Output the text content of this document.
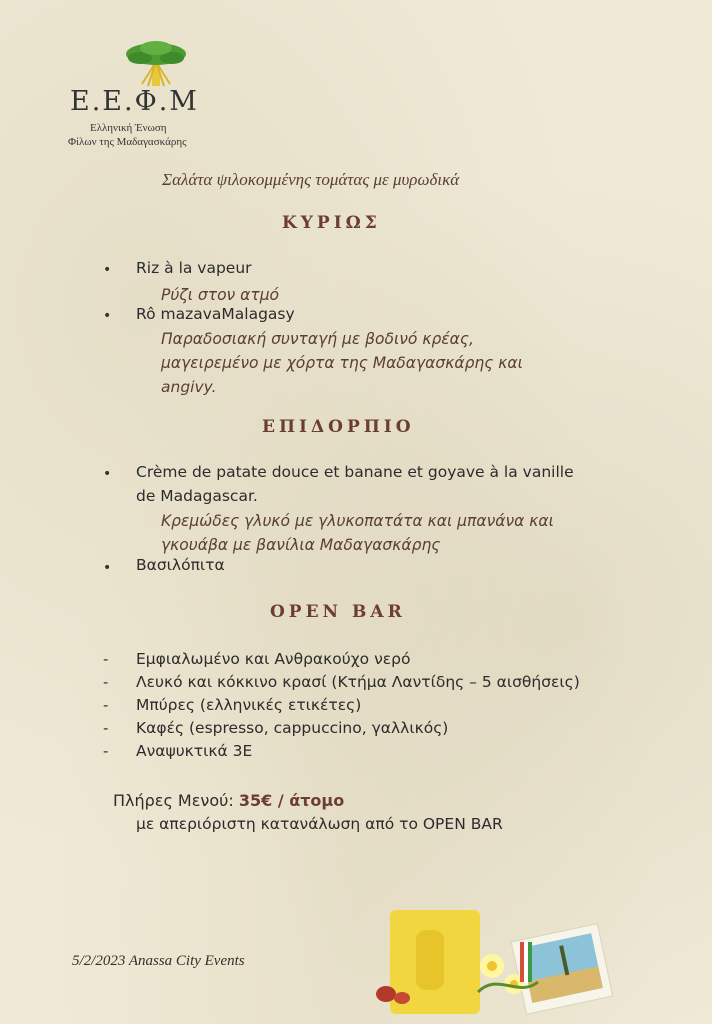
Ε.Ε.Φ.Μ
Ελληνική Ένωση
Φίλων της Μαδαγασκάρης
Σαλάτα ψιλοκομμένης τομάτας με μυρωδικά
ΚΥΡΙΩΣ
• Riz à la vapeur
Ρύζι στον ατμό
• Rô mazavaMalagasy
Παραδοσιακή συνταγή με βοδινό κρέας,
μαγειρεμένο με χόρτα της Μαδαγασκάρης και
angivy.
ΕΠΙΔΟΡΠΙΟ
• Crème de patate douce et banane et goyave à la vanille
de Madagascar.
Κρεμώδες γλυκό με γλυκοπατάτα και μπανάνα και
γκουάβα με βανίλια Μαδαγασκάρης
• Βασιλόπιτα
OPEN BAR
- Εμφιαλωμένο και Ανθρακούχο νερό
- Λευκό και κόκκινο κρασί (Κτήμα Λαντίδης – 5 αισθήσεις)
- Μπύρες (ελληνικές ετικέτες)
- Καφές (espresso, cappuccino, γαλλικός)
- Αναψυκτικά 3Ε
Πλήρες Μενού: 35€ / άτομο
με απεριόριστη κατανάλωση από το OPEN BAR
5/2/2023 Anassa City Events
